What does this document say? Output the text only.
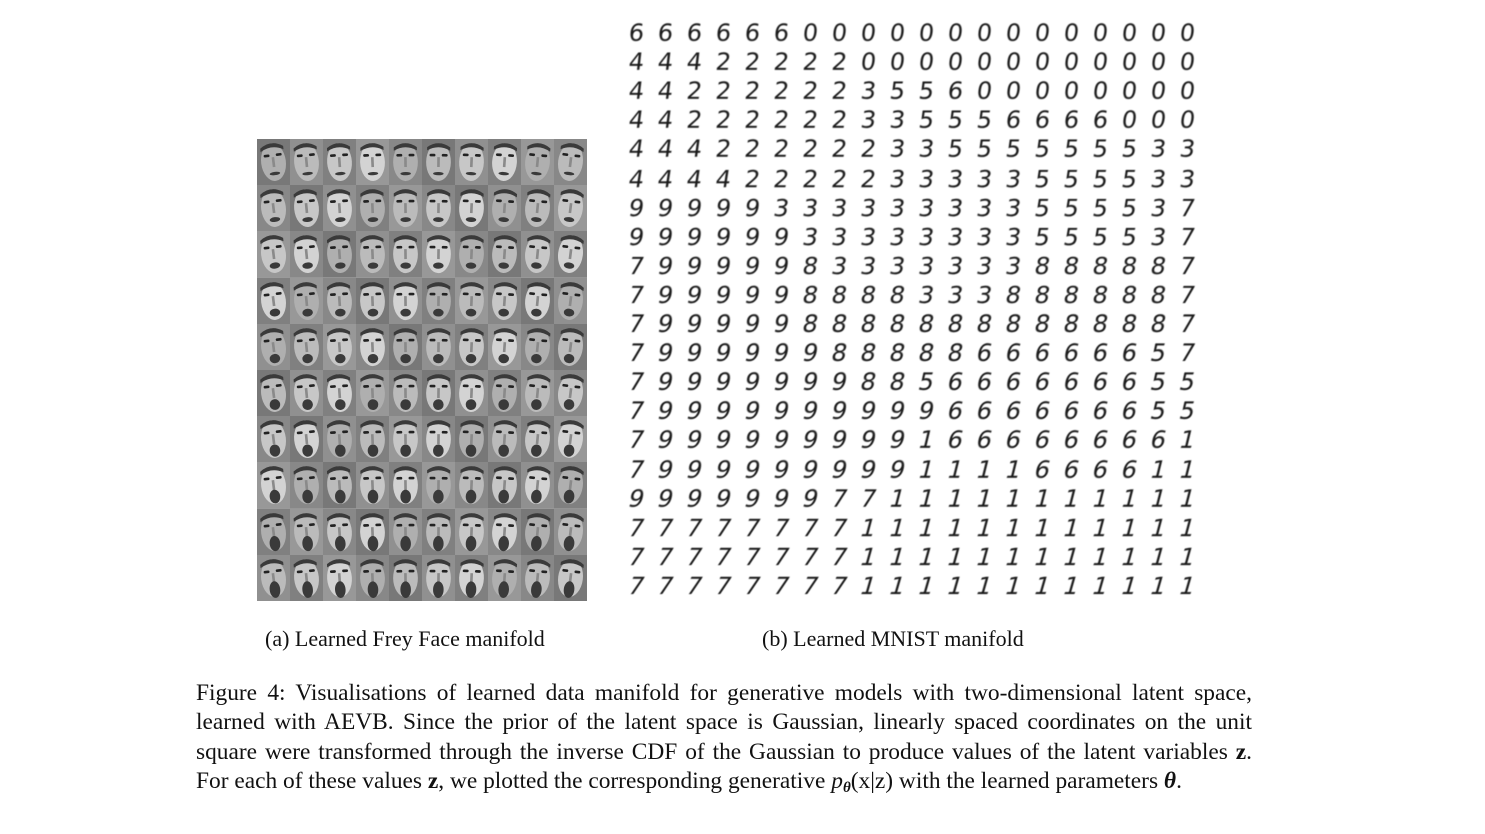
6 6 6 6 6 6 0 0 0 0 0 0 0 0 0 0 0 0 0 0
4 4 4 2 2 2 2 2 0 0 0 0 0 0 0 0 0 0 0 0
4 4 2 2 2 2 2 2 3 5 5 6 0 0 0 0 0 0 0 0
4 4 2 2 2 2 2 2 3 3 5 5 5 6 6 6 6 0 0 0
4 4 4 2 2 2 2 2 2 3 3 5 5 5 5 5 5 5 3 3
4 4 4 4 2 2 2 2 2 3 3 3 3 3 5 5 5 5 3 3
9 9 9 9 9 3 3 3 3 3 3 3 3 3 5 5 5 5 3 7
9 9 9 9 9 9 3 3 3 3 3 3 3 3 5 5 5 5 3 7
7 9 9 9 9 9 8 3 3 3 3 3 3 3 8 8 8 8 8 7
7 9 9 9 9 9 8 8 8 8 3 3 3 8 8 8 8 8 8 7
7 9 9 9 9 9 8 8 8 8 8 8 8 8 8 8 8 8 8 7
7 9 9 9 9 9 9 8 8 8 8 8 6 6 6 6 6 6 5 7
7 9 9 9 9 9 9 9 8 8 5 6 6 6 6 6 6 6 5 5
7 9 9 9 9 9 9 9 9 9 9 6 6 6 6 6 6 6 5 5
7 9 9 9 9 9 9 9 9 9 1 6 6 6 6 6 6 6 6 1
7 9 9 9 9 9 9 9 9 9 1 1 1 1 6 6 6 6 1 1
9 9 9 9 9 9 9 7 7 1 1 1 1 1 1 1 1 1 1 1
7 7 7 7 7 7 7 7 1 1 1 1 1 1 1 1 1 1 1 1
7 7 7 7 7 7 7 7 1 1 1 1 1 1 1 1 1 1 1 1
7 7 7 7 7 7 7 7 1 1 1 1 1 1 1 1 1 1 1 1
(a) Learned Frey Face manifold	(b) Learned MNIST manifold

Figure 4: Visualisations of learned data manifold for generative models with two-dimensional latent space, learned with AEVB. Since the prior of the latent space is Gaussian, linearly spaced coordinates on the unit square were transformed through the inverse CDF of the Gaussian to produce values of the latent variables z. For each of these values z, we plotted the corresponding generative $p_\theta(x|z)$ with the learned parameters θ.
